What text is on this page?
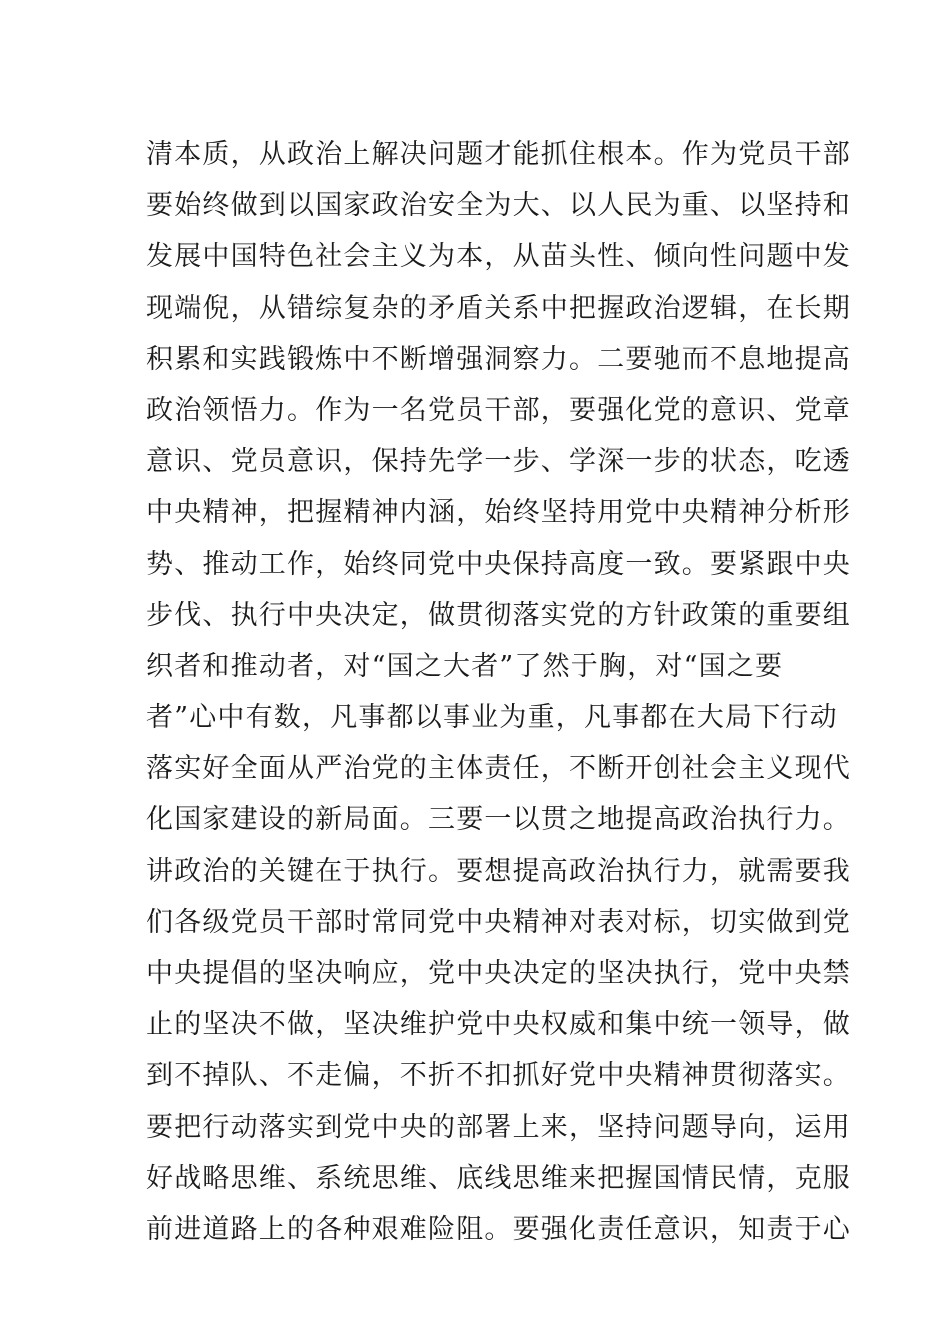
清本质，从政治上解决问题才能抓住根本。作为党员干部
要始终做到以国家政治安全为大、以人民为重、以坚持和
发展中国特色社会主义为本，从苗头性、倾向性问题中发
现端倪，从错综复杂的矛盾关系中把握政治逻辑，在长期
积累和实践锻炼中不断增强洞察力。二要驰而不息地提高
政治领悟力。作为一名党员干部，要强化党的意识、党章
意识、党员意识，保持先学一步、学深一步的状态，吃透
中央精神，把握精神内涵，始终坚持用党中央精神分析形
势、推动工作，始终同党中央保持高度一致。要紧跟中央
步伐、执行中央决定，做贯彻落实党的方针政策的重要组
织者和推动者，对“国之大者”了然于胸，对“国之要
者”心中有数，凡事都以事业为重，凡事都在大局下行动
落实好全面从严治党的主体责任，不断开创社会主义现代
化国家建设的新局面。三要一以贯之地提高政治执行力。
讲政治的关键在于执行。要想提高政治执行力，就需要我
们各级党员干部时常同党中央精神对表对标，切实做到党
中央提倡的坚决响应，党中央决定的坚决执行，党中央禁
止的坚决不做，坚决维护党中央权威和集中统一领导，做
到不掉队、不走偏，不折不扣抓好党中央精神贯彻落实。
要把行动落实到党中央的部署上来，坚持问题导向，运用
好战略思维、系统思维、底线思维来把握国情民情，克服
前进道路上的各种艰难险阻。要强化责任意识，知责于心
